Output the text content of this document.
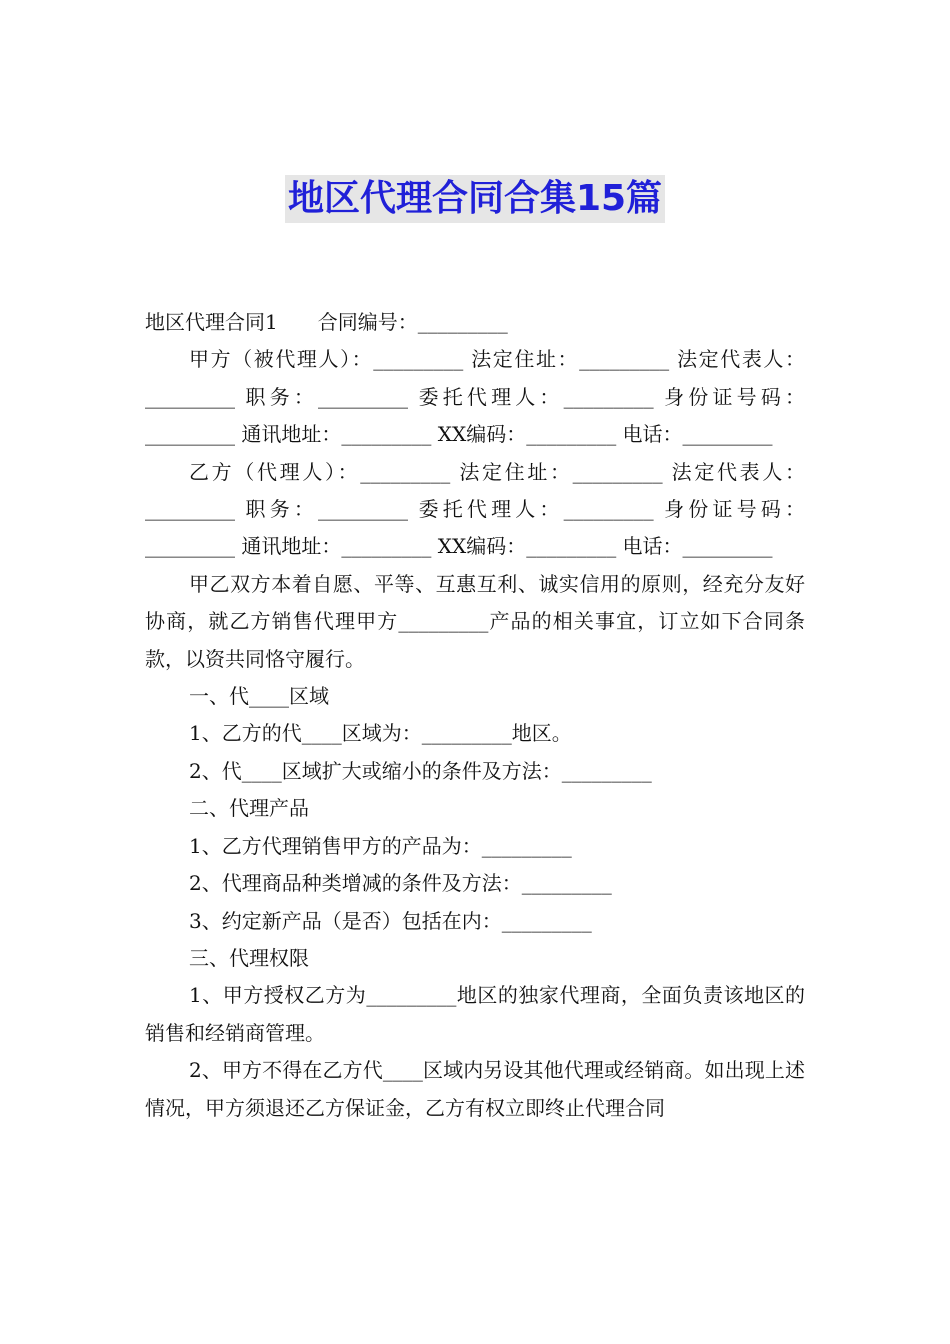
地区代理合同合集15篇

地区代理合同1　　合同编号：_________

甲方（被代理人）：_________ 法定住址：_________ 法定代表人：_________ 职务：_________ 委托代理人：_________ 身份证号码：_________ 通讯地址：_________ XX编码：_________ 电话：_________

乙方（代理人）：_________ 法定住址：_________ 法定代表人：_________ 职务：_________ 委托代理人：_________ 身份证号码：_________ 通讯地址：_________ XX编码：_________ 电话：_________

甲乙双方本着自愿、平等、互惠互利、诚实信用的原则，经充分友好协商，就乙方销售代理甲方_________产品的相关事宜，订立如下合同条款，以资共同恪守履行。

一、代____区域

1、乙方的代____区域为：_________地区。

2、代____区域扩大或缩小的条件及方法：_________

二、代理产品

1、乙方代理销售甲方的产品为：_________

2、代理商品种类增减的条件及方法：_________

3、约定新产品（是否）包括在内：_________

三、代理权限

1、甲方授权乙方为_________地区的独家代理商，全面负责该地区的销售和经销商管理。

2、甲方不得在乙方代____区域内另设其他代理或经销商。如出现上述情况，甲方须退还乙方保证金，乙方有权立即终止代理合同
